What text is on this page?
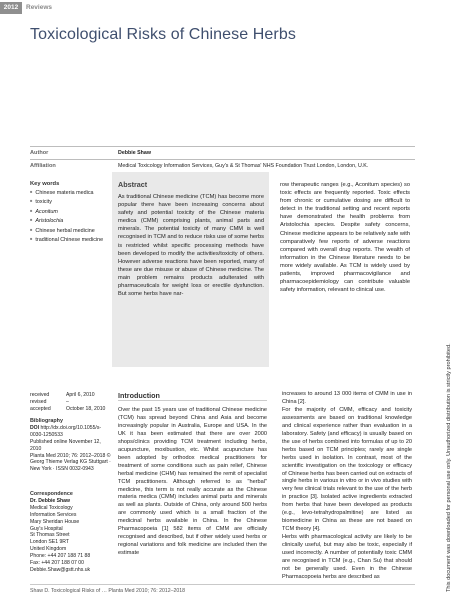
2012	Reviews
Toxicological Risks of Chinese Herbs
Author	Debbie Shaw
Affiliation	Medical Toxicology Information Services, Guy's & St Thomas' NHS Foundation Trust London, London, U.K.
This document was downloaded for personal use only. Unauthorized distribution is strictly prohibited.
Key words
■ Chinese materia medica
■ toxicity
■ Aconitum
■ Aristolochia
■ Chinese herbal medicine
■ traditional Chinese medicine
Abstract

As traditional Chinese medicine (TCM) has become more popular there have been increasing concerns about safety and potential toxicity of the Chinese materia medica (CMM) comprising plants, animal parts and minerals. The potential toxicity of many CMM is well recognised in TCM and to reduce risks use of some herbs is restricted whilst specific processing methods have been developed to modify the activities/toxicity of others. However adverse reactions have been reported, many of these are due misuse or abuse of Chinese medicine. The main problem remains products adulterated with pharmaceuticals for weight loss or erectile dysfunction. But some herbs have nar-

row therapeutic ranges (e.g., Aconitum species) so toxic effects are frequently reported. Toxic effects from chronic or cumulative dosing are difficult to detect in the traditional setting and recent reports have demonstrated the health problems from Aristolochia species. Despite safety concerns, Chinese medicine appears to be relatively safe with comparatively few reports of adverse reactions compared with overall drug reports. The wealth of information in the Chinese literature needs to be more widely available. As TCM is widely used by patients, improved pharmacovigilance and pharmacoepidemiology can contribute valuable safety information, relevant to clinical use.

received	April 6, 2010
revised	–
accepted	October 18, 2010
Bibliography
DOI http://dx.doi.org/10.1055/s-0030-1250533
Published online November 12, 2010
Planta Med 2010; 76: 2012–2018 © Georg Thieme Verlag KG Stuttgart · New York · ISSN 0032-0943
Correspondence
Dr. Debbie Shaw
Medical Toxicology
Information Services
Mary Sheridan House
Guy's Hospital
St Thomas Street
London SE1 9RT
United Kingdom
Phone: +44 207 188 71 88
Fax: +44 207 188 07 00
Debbie.Shaw@gstt.nhs.uk
Introduction

Over the past 15 years use of traditional Chinese medicine (TCM) has spread beyond China and Asia and become increasingly popular in Australia, Europe and USA. In the UK it has been estimated that there are over 2000 shops/clinics providing TCM treatment including herbs, acupuncture, moxibustion, etc. Whilst acupuncture has been adopted by orthodox medical practitioners for treatment of some conditions such as pain relief, Chinese herbal medicine (CHM) has remained the remit of specialist TCM practitioners. Although referred to as "herbal" medicine, this term is not really accurate as the Chinese materia medica (CMM) includes animal parts and minerals as well as plants. Outside of China, only around 500 herbs are commonly used which is a small fraction of the medicinal herbs available in China. In the Chinese Pharmacopoeia [1] 582 items of CMM are officially recognised and described, but if other widely used herbs or regional variations and folk medicine are included then the estimate

increases to around 13 000 items of CMM in use in China [2].
For the majority of CMM, efficacy and toxicity assessments are based on traditional knowledge and clinical experience rather than evaluation in a laboratory. Safety (and efficacy) is usually based on the use of herbs combined into formulas of up to 20 herbs based on TCM principles; rarely are single herbs used in isolation. In contrast, most of the scientific investigation on the toxicology or efficacy of Chinese herbs has been carried out on extracts of single herbs in various in vitro or in vivo studies with very few clinical trials relevant to the use of the herb in practice [3]. Isolated active ingredients extracted from herbs that have been developed as products (e.g., levo-tetrahydropalmitine) are listed as biomedicine in China as these are not based on TCM theory [4].
Herbs with pharmacological activity are likely to be clinically useful, but may also be toxic, especially if used incorrectly. A number of potentially toxic CMM are recognised in TCM (e.g., Chan Su) that should not be generally used. Even in the Chinese Pharmacopoeia herbs are described as
Shaw D. Toxicological Risks of … Planta Med 2010; 76: 2012–2018
